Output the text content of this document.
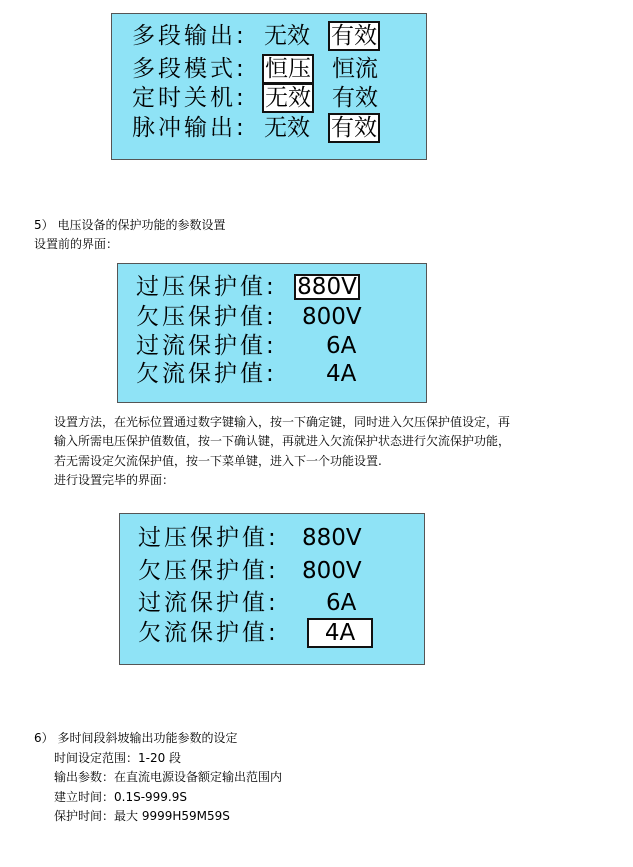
多段输出: 无效 有效
多段模式: 恒压 恒流
定时关机: 无效 有效
脉冲输出: 无效 有效
5） 电压设备的保护功能的参数设置
设置前的界面：
过压保护值: 880V
欠压保护值: 800V
过流保护值: 6A
欠流保护值: 4A
设置方法，在光标位置通过数字键输入，按一下确定键，同时进入欠压保护值设定，再
输入所需电压保护值数值，按一下确认键，再就进入欠流保护状态进行欠流保护功能，
若无需设定欠流保护值，按一下菜单键，进入下一个功能设置.
进行设置完毕的界面：
过压保护值: 880V
欠压保护值: 800V
过流保护值: 6A
欠流保护值:	4A
6） 多时间段斜坡输出功能参数的设定
时间设定范围：1-20 段
输出参数：在直流电源设备额定输出范围内
建立时间：0.1S-999.9S
保护时间：最大 9999H59M59S
